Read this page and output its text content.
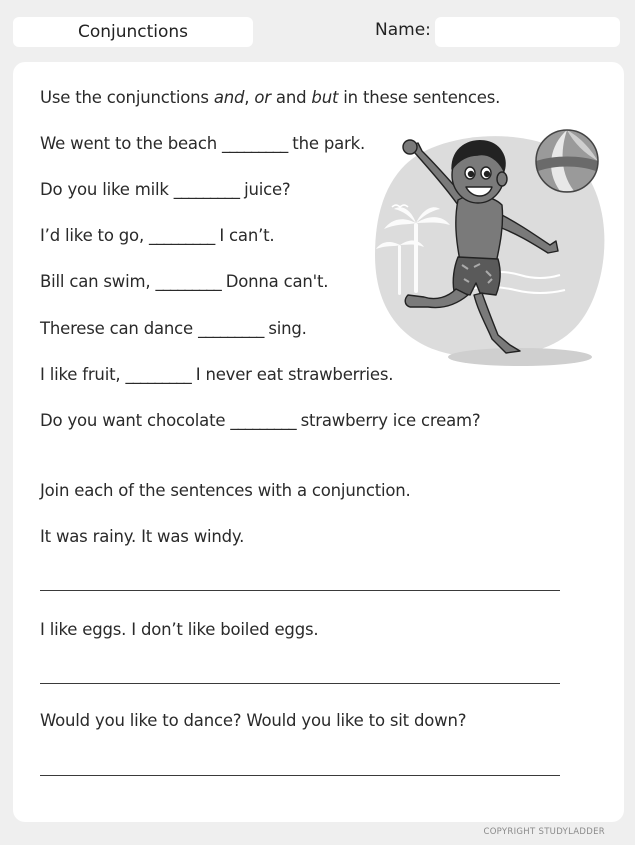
Conjunctions	Name:
Use the conjunctions and, or and but in these sentences.
We went to the beach _________ the park.
Do you like milk _________ juice?
I’d like to go, _________ I can’t.
Bill can swim, _________ Donna can't.
Therese can dance _________ sing.
I like fruit, _________ I never eat strawberries.
Do you want chocolate _________ strawberry ice cream?
Join each of the sentences with a conjunction.
It was rainy. It was windy.
I like eggs. I don’t like boiled eggs.
Would you like to dance? Would you like to sit down?
COPYRIGHT STUDYLADDER
